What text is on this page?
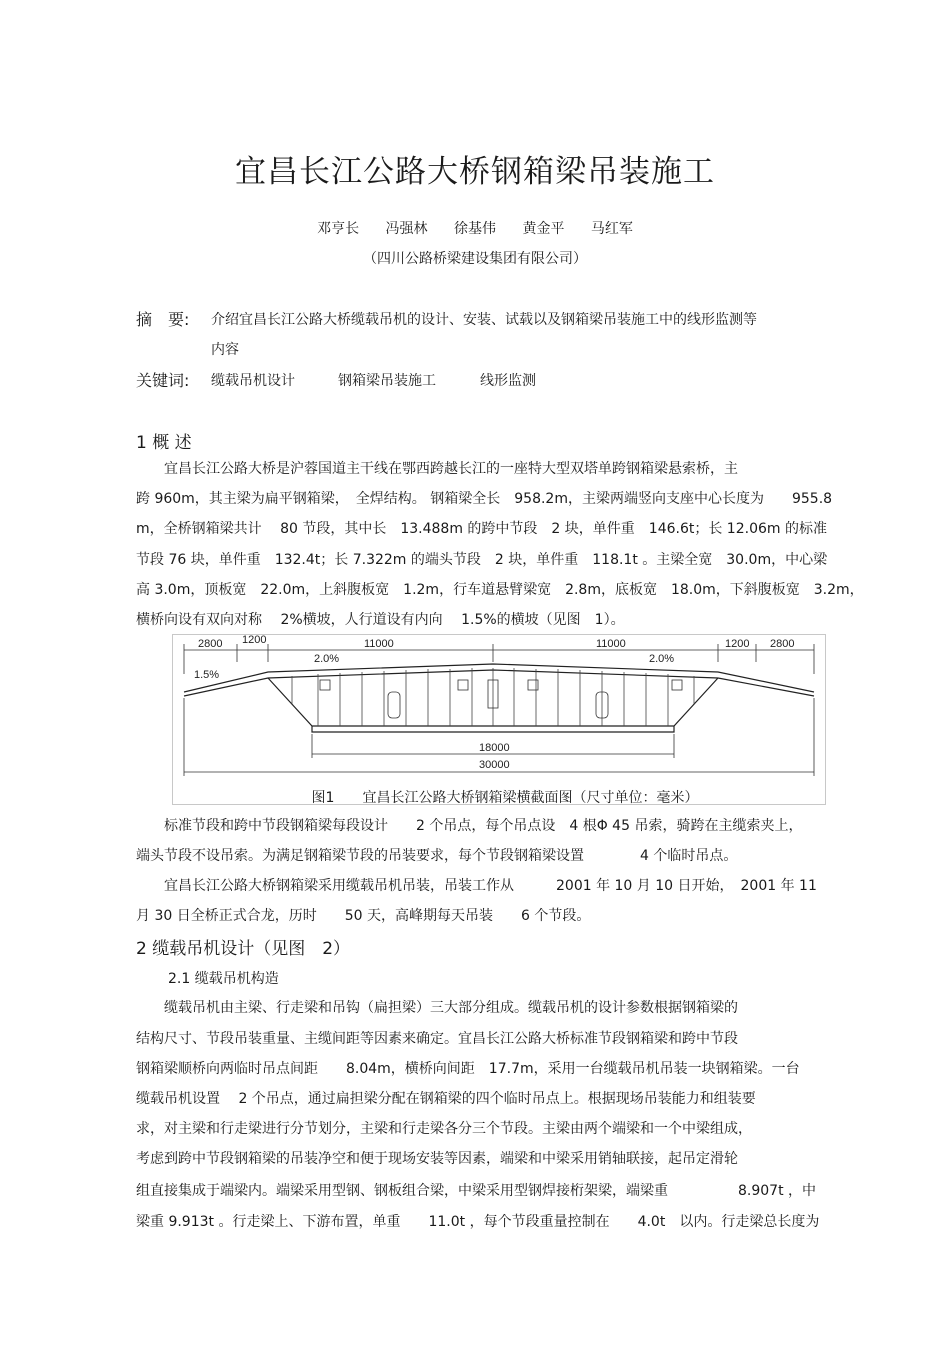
宜昌长江公路大桥钢箱梁吊装施工
邓亨长 冯强林 徐基伟 黄金平 马红军
（四川公路桥梁建设集团有限公司）
摘　要: 介绍宜昌长江公路大桥缆载吊机的设计、安装、试载以及钢箱梁吊装施工中的线形监测等
内容
关键词: 缆载吊机设计	钢箱梁吊装施工	线形监测
1 概 述
　　宜昌长江公路大桥是沪蓉国道主干线在鄂西跨越长江的一座特大型双塔单跨钢箱梁悬索桥，主
跨 960m，其主梁为扁平钢箱梁，　全焊结构。 钢箱梁全长　958.2m，主梁两端竖向支座中心长度为　　955.8
m，全桥钢箱梁共计　 80 节段，其中长　13.488m 的跨中节段　2 块，单件重　146.6t；长 12.06m 的标准
节段 76 块，单件重　132.4t；长 7.322m 的端头节段　2 块，单件重　118.1t 。主梁全宽　30.0m，中心梁
高 3.0m，顶板宽　22.0m，上斜腹板宽　1.2m，行车道悬臂梁宽　2.8m，底板宽　18.0m，下斜腹板宽　3.2m，
横桥向设有双向对称　 2%横坡，人行道设有内向　 1.5%的横坡（见图　1）。
2800 1200	11000	11000	1200 2800
1.5%
2.0%	2.0%
18000
30000
图1　　宜昌长江公路大桥钢箱梁横截面图（尺寸单位：毫米）
　　标准节段和跨中节段钢箱梁每段设计　　2 个吊点，每个吊点设　4 根Φ 45 吊索，骑跨在主缆索夹上，
端头节段不设吊索。为满足钢箱梁节段的吊装要求，每个节段钢箱梁设置　　　　4 个临时吊点。
　　宜昌长江公路大桥钢箱梁采用缆载吊机吊装，吊装工作从　　　2001 年 10 月 10 日开始，　2001 年 11
月 30 日全桥正式合龙，历时　　50 天，高峰期每天吊装　　6 个节段。
2 缆载吊机设计（见图　2）
2.1 缆载吊机构造
　　缆载吊机由主梁、行走梁和吊钩（扁担梁）三大部分组成。缆载吊机的设计参数根据钢箱梁的
结构尺寸、节段吊装重量、主缆间距等因素来确定。宜昌长江公路大桥标准节段钢箱梁和跨中节段
钢箱梁顺桥向两临时吊点间距　　8.04m，横桥向间距　17.7m，采用一台缆载吊机吊装一块钢箱梁。一台
缆载吊机设置　 2 个吊点，通过扁担梁分配在钢箱梁的四个临时吊点上。根据现场吊装能力和组装要
求，对主梁和行走梁进行分节划分，主梁和行走梁各分三个节段。主梁由两个端梁和一个中梁组成，
考虑到跨中节段钢箱梁的吊装净空和便于现场安装等因素，端梁和中梁采用销轴联接，起吊定滑轮
组直接集成于端梁内。端梁采用型钢、钢板组合梁，中梁采用型钢焊接桁架梁，端梁重　　　　　8.907t ，中
梁重 9.913t 。行走梁上、下游布置，单重　　11.0t ，每个节段重量控制在　　4.0t　以内。行走梁总长度为
